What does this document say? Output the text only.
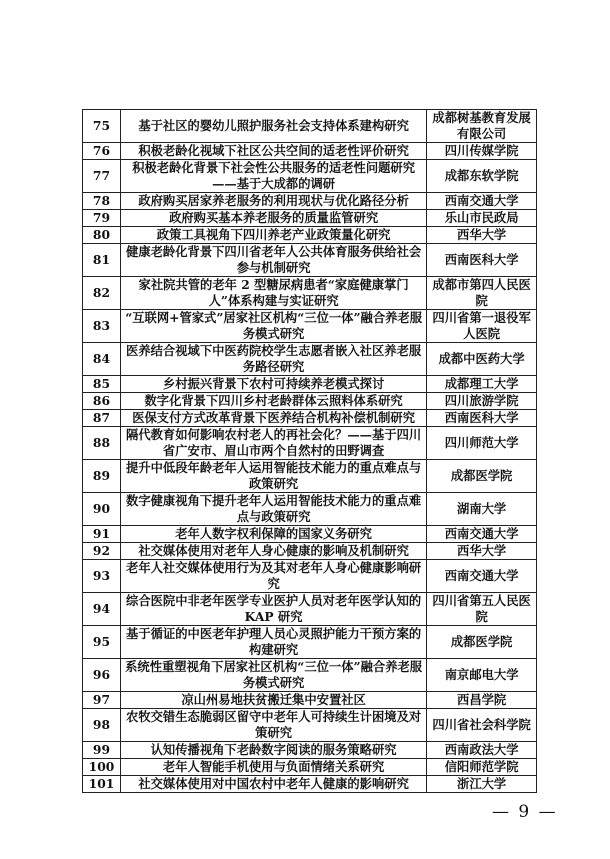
75	基于社区的婴幼儿照护服务社会支持体系建构研究	成都树基教育发展有限公司
76	积极老龄化视域下社区公共空间的适老性评价研究	四川传媒学院
77	积极老龄化背景下社会性公共服务的适老性问题研究——基于大成都的调研	成都东软学院
78	政府购买居家养老服务的利用现状与优化路径分析	西南交通大学
79	政府购买基本养老服务的质量监管研究	乐山市民政局
80	政策工具视角下四川养老产业政策量化研究	西华大学
81	健康老龄化背景下四川省老年人公共体育服务供给社会参与机制研究	西南医科大学
82	家社院共管的老年 2 型糖尿病患者“家庭健康掌门人”体系构建与实证研究	成都市第四人民医院
83	“互联网+管家式”居家社区机构“三位一体”融合养老服务模式研究	四川省第一退役军人医院
84	医养结合视域下中医药院校学生志愿者嵌入社区养老服务路径研究	成都中医药大学
85	乡村振兴背景下农村可持续养老模式探讨	成都理工大学
86	数字化背景下四川乡村老龄群体云照料体系研究	四川旅游学院
87	医保支付方式改革背景下医养结合机构补偿机制研究	西南医科大学
88	隔代教育如何影响农村老人的再社会化？——基于四川省广安市、眉山市两个自然村的田野调查	四川师范大学
89	提升中低段年龄老年人运用智能技术能力的重点难点与政策研究	成都医学院
90	数字健康视角下提升老年人运用智能技术能力的重点难点与政策研究	湖南大学
91	老年人数字权利保障的国家义务研究	西南交通大学
92	社交媒体使用对老年人身心健康的影响及机制研究	西华大学
93	老年人社交媒体使用行为及其对老年人身心健康影响研究	西南交通大学
94	综合医院中非老年医学专业医护人员对老年医学认知的 KAP 研究	四川省第五人民医院
95	基于循证的中医老年护理人员心灵照护能力干预方案的构建研究	成都医学院
96	系统性重塑视角下居家社区机构“三位一体”融合养老服务模式研究	南京邮电大学
97	凉山州易地扶贫搬迁集中安置社区	西昌学院
98	农牧交错生态脆弱区留守中老年人可持续生计困境及对策研究	四川省社会科学院
99	认知传播视角下老龄数字阅读的服务策略研究	西南政法大学
100	老年人智能手机使用与负面情绪关系研究	信阳师范学院
101	社交媒体使用对中国农村中老年人健康的影响研究	浙江大学
— 9 —
